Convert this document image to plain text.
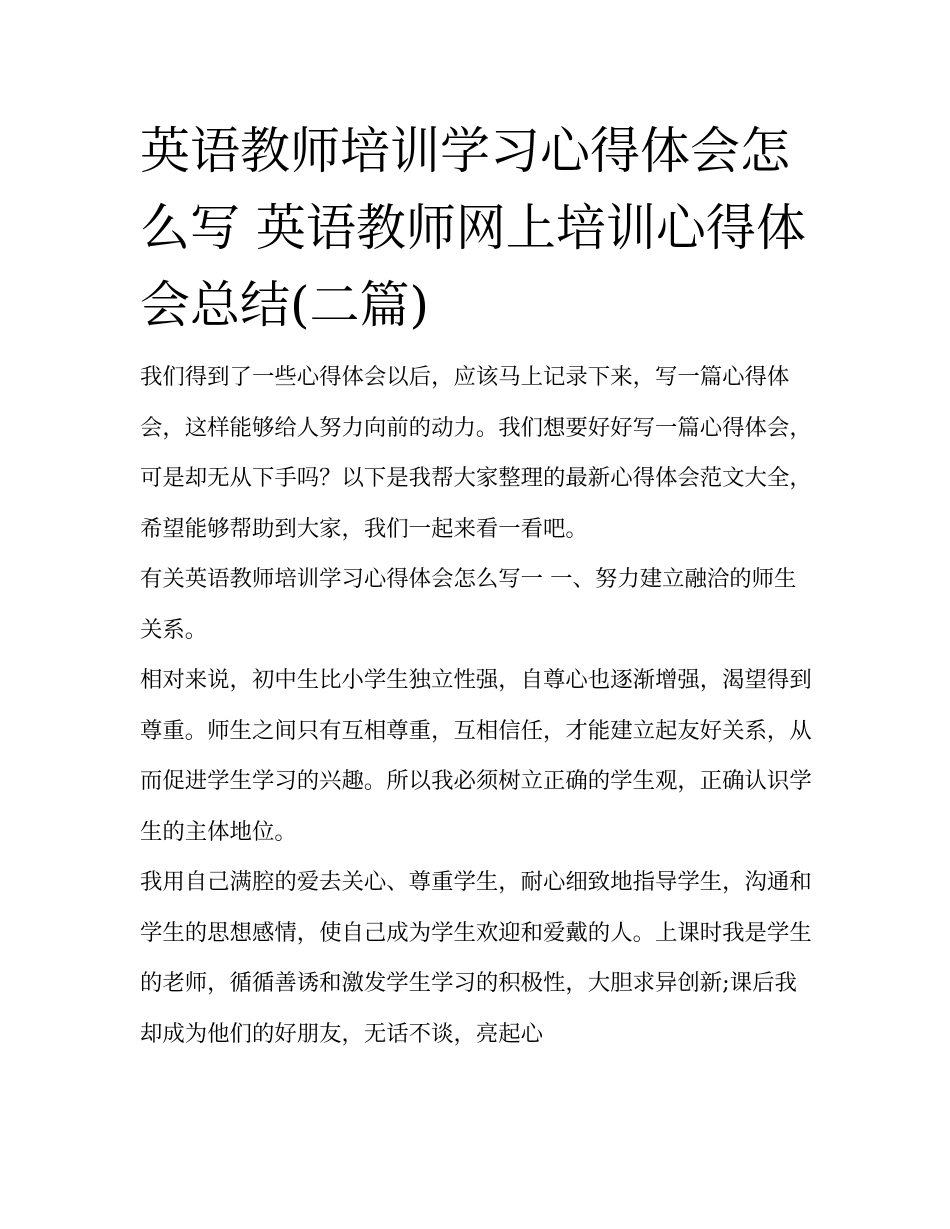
英语教师培训学习心得体会怎么写 英语教师网上培训心得体会总结(二篇)

我们得到了一些心得体会以后，应该马上记录下来，写一篇心得体会，这样能够给人努力向前的动力。我们想要好好写一篇心得体会，可是却无从下手吗？以下是我帮大家整理的最新心得体会范文大全，希望能够帮助到大家，我们一起来看一看吧。

有关英语教师培训学习心得体会怎么写一 一、努力建立融洽的师生关系。

相对来说，初中生比小学生独立性强，自尊心也逐渐增强，渴望得到尊重。师生之间只有互相尊重，互相信任，才能建立起友好关系，从而促进学生学习的兴趣。所以我必须树立正确的学生观，正确认识学生的主体地位。

我用自己满腔的爱去关心、尊重学生，耐心细致地指导学生，沟通和学生的思想感情，使自己成为学生欢迎和爱戴的人。上课时我是学生的老师，循循善诱和激发学生学习的积极性，大胆求异创新;课后我却成为他们的好朋友，无话不谈，亮起心
